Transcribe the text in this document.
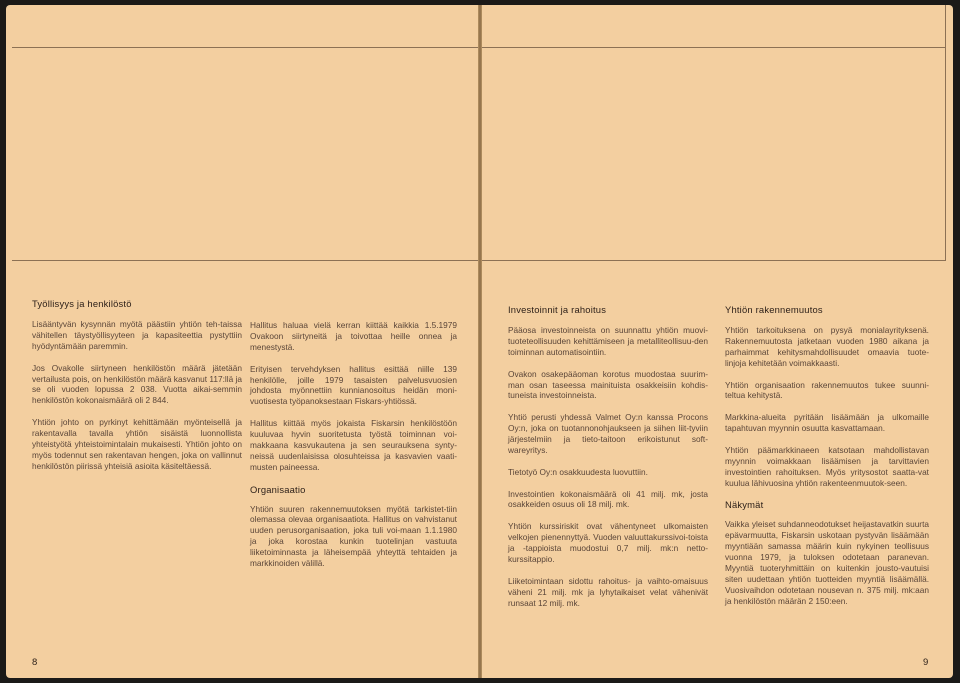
Työllisyys ja henkilöstö

Lisääntyvän kysynnän myötä päästiin yhtiön teh-taissa vähitellen täystyöllisyyteen ja kapasiteettia pystyttiin hyödyntämään paremmin.

Jos Ovakolle siirtyneen henkilöstön määrä jätetään vertailusta pois, on henkilöstön määrä kasvanut 117:llä ja se oli vuoden lopussa 2 038. Vuotta aikai-semmin henkilöstön kokonaismäärä oli 2 844.

Yhtiön johto on pyrkinyt kehittämään myönteisellä ja rakentavalla tavalla yhtiön sisäistä luonnollista yhteistyötä yhteistoimintalain mukaisesti. Yhtiön johto on myös todennut sen rakentavan hengen, joka on vallinnut henkilöstön piirissä yhteisiä asioita käsiteltäessä.

Hallitus haluaa vielä kerran kiittää kaikkia 1.5.1979 Ovakoon siirtyneitä ja toivottaa heille onnea ja menestystä.

Erityisen tervehdyksen hallitus esittää niille 139 henkilölle, joille 1979 tasaisten palvelusvuosien johdosta myönnettiin kunnianosoitus heidän moni-vuotisesta työpanoksestaan Fiskars-yhtiössä.

Hallitus kiittää myös jokaista Fiskarsin henkilöstöön kuuluvaa hyvin suoritetusta työstä toiminnan voi-makkaana kasvukautena ja sen seurauksena synty-neissä uudenlaisissa olosuhteissa ja kasvavien vaati-musten paineessa.

Organisaatio

Yhtiön suuren rakennemuutoksen myötä tarkistet-tiin olemassa olevaa organisaatiota. Hallitus on vahvistanut uuden perusorganisaation, joka tuli voi-maan 1.1.1980 ja joka korostaa kunkin tuotelinjan vastuuta liiketoiminnasta ja läheisempää yhteyttä tehtaiden ja markkinoiden välillä.

8
Investoinnit ja rahoitus

Pääosa investoinneista on suunnattu yhtiön muovi-tuoteteollisuuden kehittämiseen ja metalliteollisuu-den toiminnan automatisointiin.

Ovakon osakepääoman korotus muodostaa suurim-man osan taseessa mainituista osakkeisiin kohdis-tuneista investoinneista.

Yhtiö perusti yhdessä Valmet Oy:n kanssa Procons Oy:n, joka on tuotannonohjaukseen ja siihen liit-tyviin järjestelmiin ja tieto-taitoon erikoistunut soft-wareyritys.

Tietotyö Oy:n osakkuudesta luovuttiin.

Investointien kokonaismäärä oli 41 milj. mk, josta osakkeiden osuus oli 18 milj. mk.

Yhtiön kurssiriskit ovat vähentyneet ulkomaisten velkojen pienennyttyä. Vuoden valuuttakurssivoi-toista ja -tappioista muodostui 0,7 milj. mk:n netto-kurssitappio.

Liiketoimintaan sidottu rahoitus- ja vaihto-omaisuus väheni 21 milj. mk ja lyhytaikaiset velat vähenivät runsaat 12 milj. mk.

Yhtiön rakennemuutos

Yhtiön tarkoituksena on pysyä monialayrityksenä. Rakennemuutosta jatketaan vuoden 1980 aikana ja parhaimmat kehitysmahdollisuudet omaavia tuote-linjoja kehitetään voimakkaasti.

Yhtiön organisaation rakennemuutos tukee suunni-teltua kehitystä.

Markkina-alueita pyritään lisäämään ja ulkomaille tapahtuvan myynnin osuutta kasvattamaan.

Yhtiön päämarkkinaeen katsotaan mahdollistavan myynnin voimakkaan lisäämisen ja tarvittavien investointien rahoituksen. Myös yritysostot saatta-vat kuulua lähivuosina yhtiön rakenteenmuutok-seen.

Näkymät

Vaikka yleiset suhdanneodotukset heijastavatkin suurta epävarmuutta, Fiskarsin uskotaan pystyvän lisäämään myyntiään samassa määrin kuin nykyinen teollisuus vuonna 1979, ja tuloksen odotetaan paranevan. Myyntiä tuoteryhmittäin on kuitenkin jousto-vautuisi siten uudettaan yhtiön tuotteiden myyntiä lisäämällä. Vuosivaihdon odotetaan nousevan n. 375 milj. mk:aan ja henkilöstön määrän 2 150:een.

9
